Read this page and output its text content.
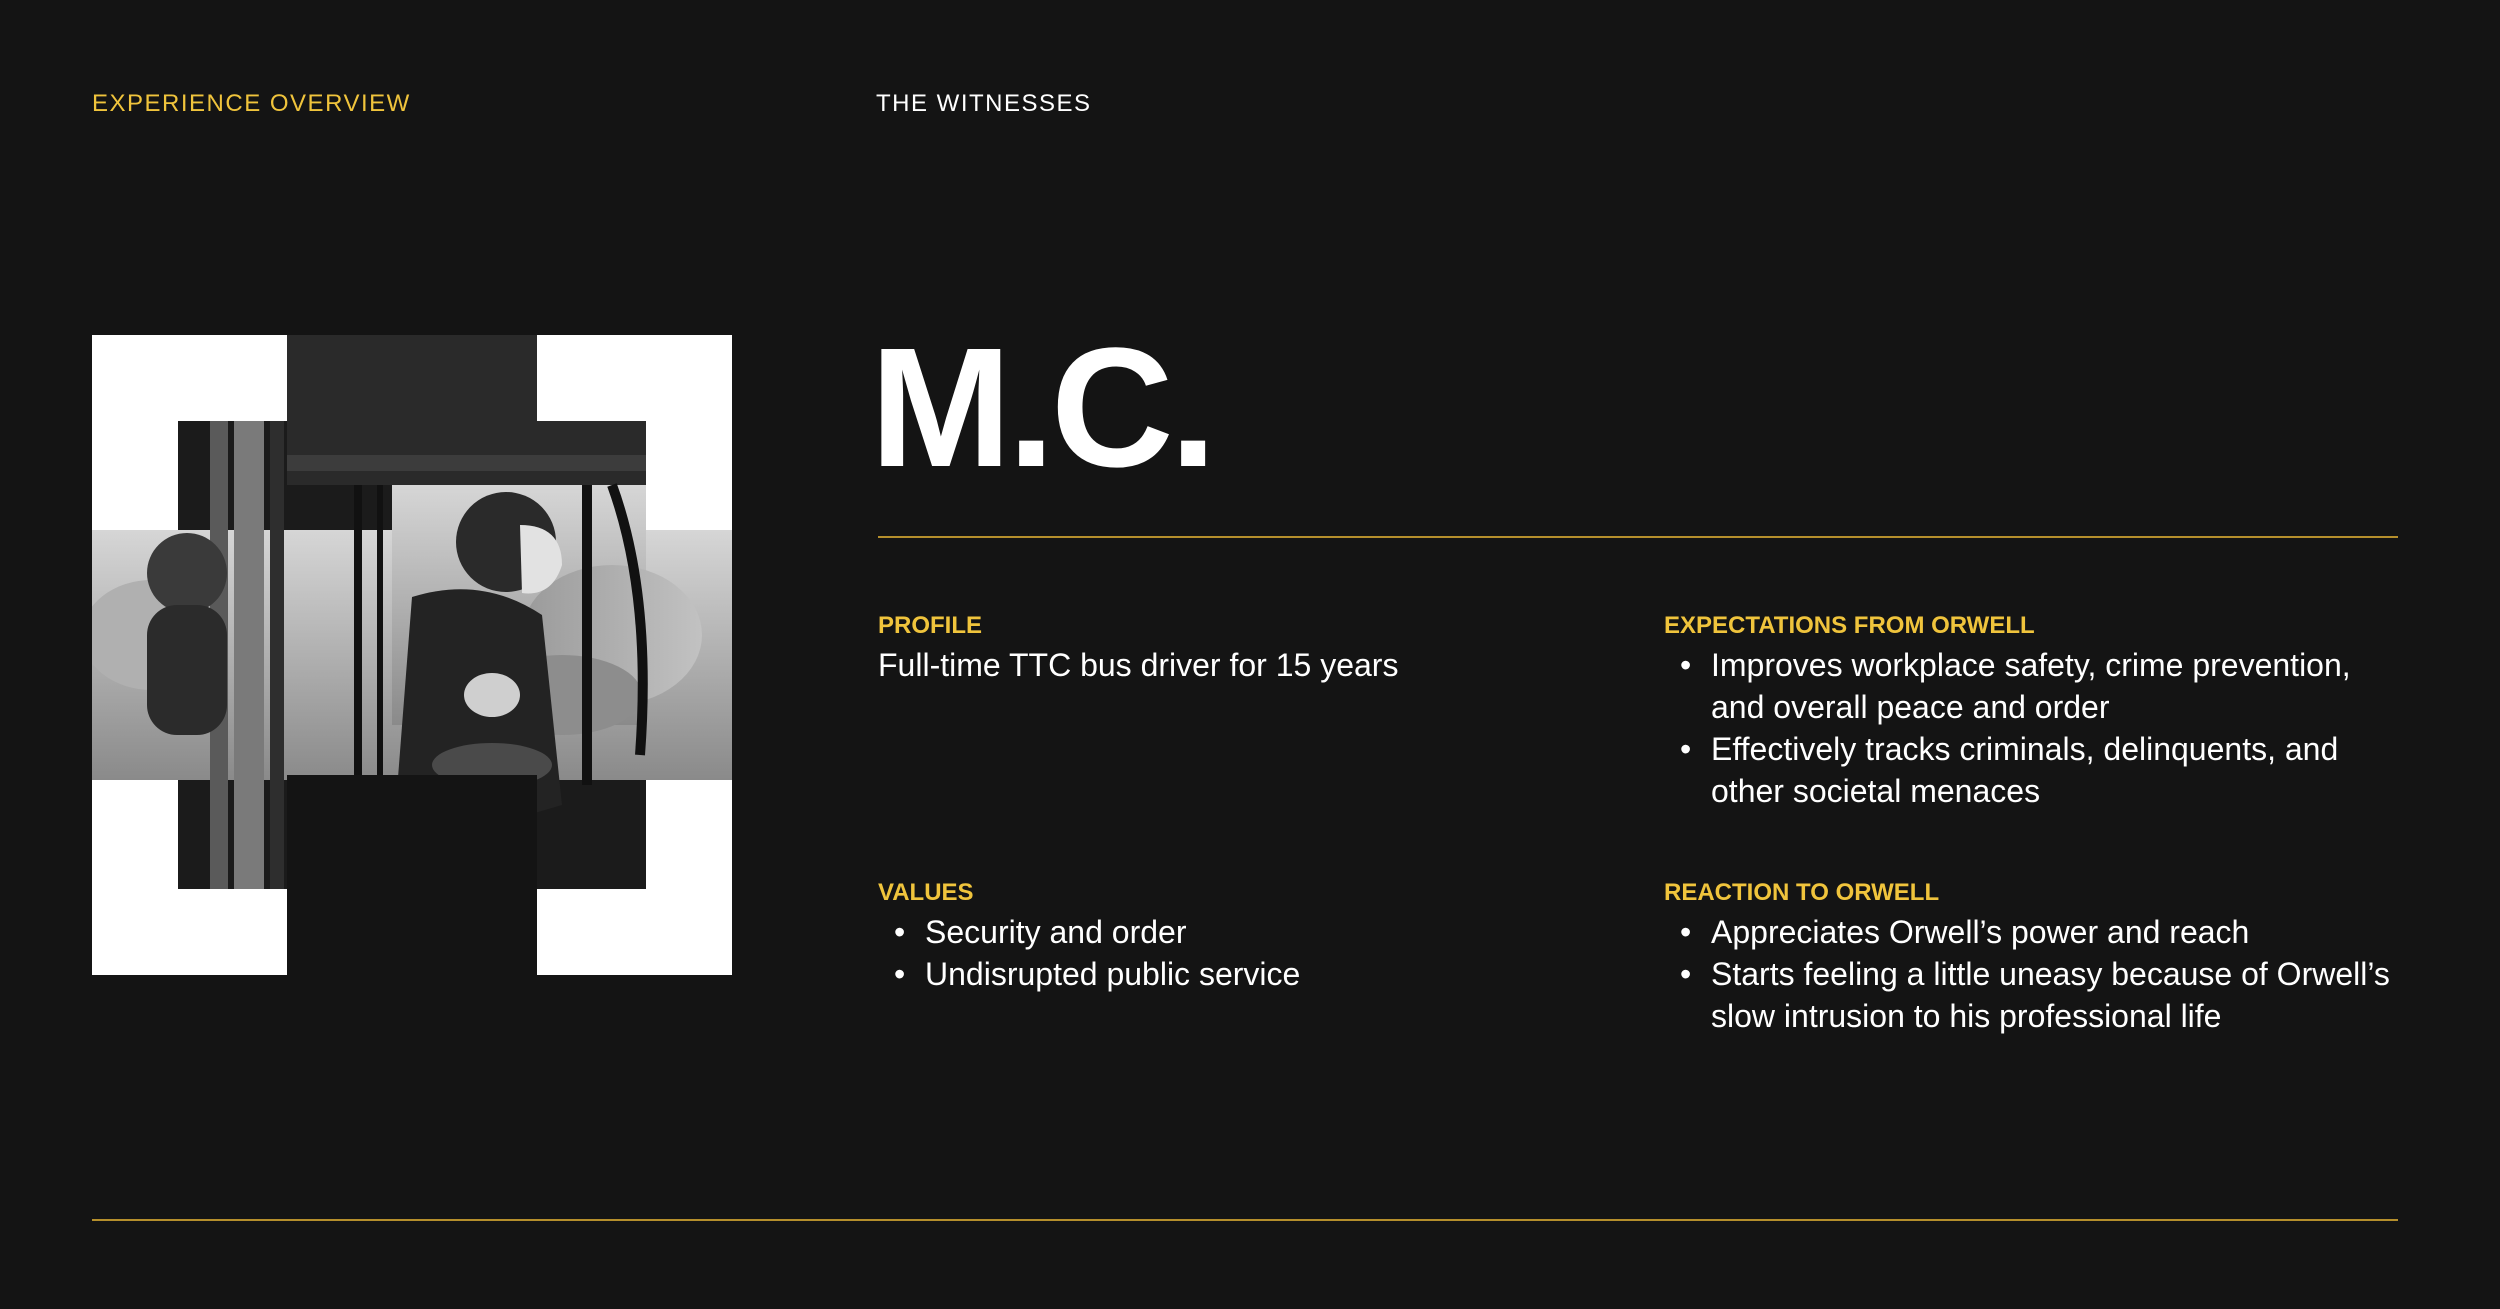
EXPERIENCE OVERVIEW	THE WITNESSES
M.C.
PROFILE
Full-time TTC bus driver for 15 years
VALUES
• Security and order
• Undisrupted public service
EXPECTATIONS FROM ORWELL
• Improves workplace safety, crime prevention, and overall peace and order
• Effectively tracks criminals, delinquents, and other societal menaces
REACTION TO ORWELL
• Appreciates Orwell’s power and reach
• Starts feeling a little uneasy because of Orwell’s slow intrusion to his professional life
